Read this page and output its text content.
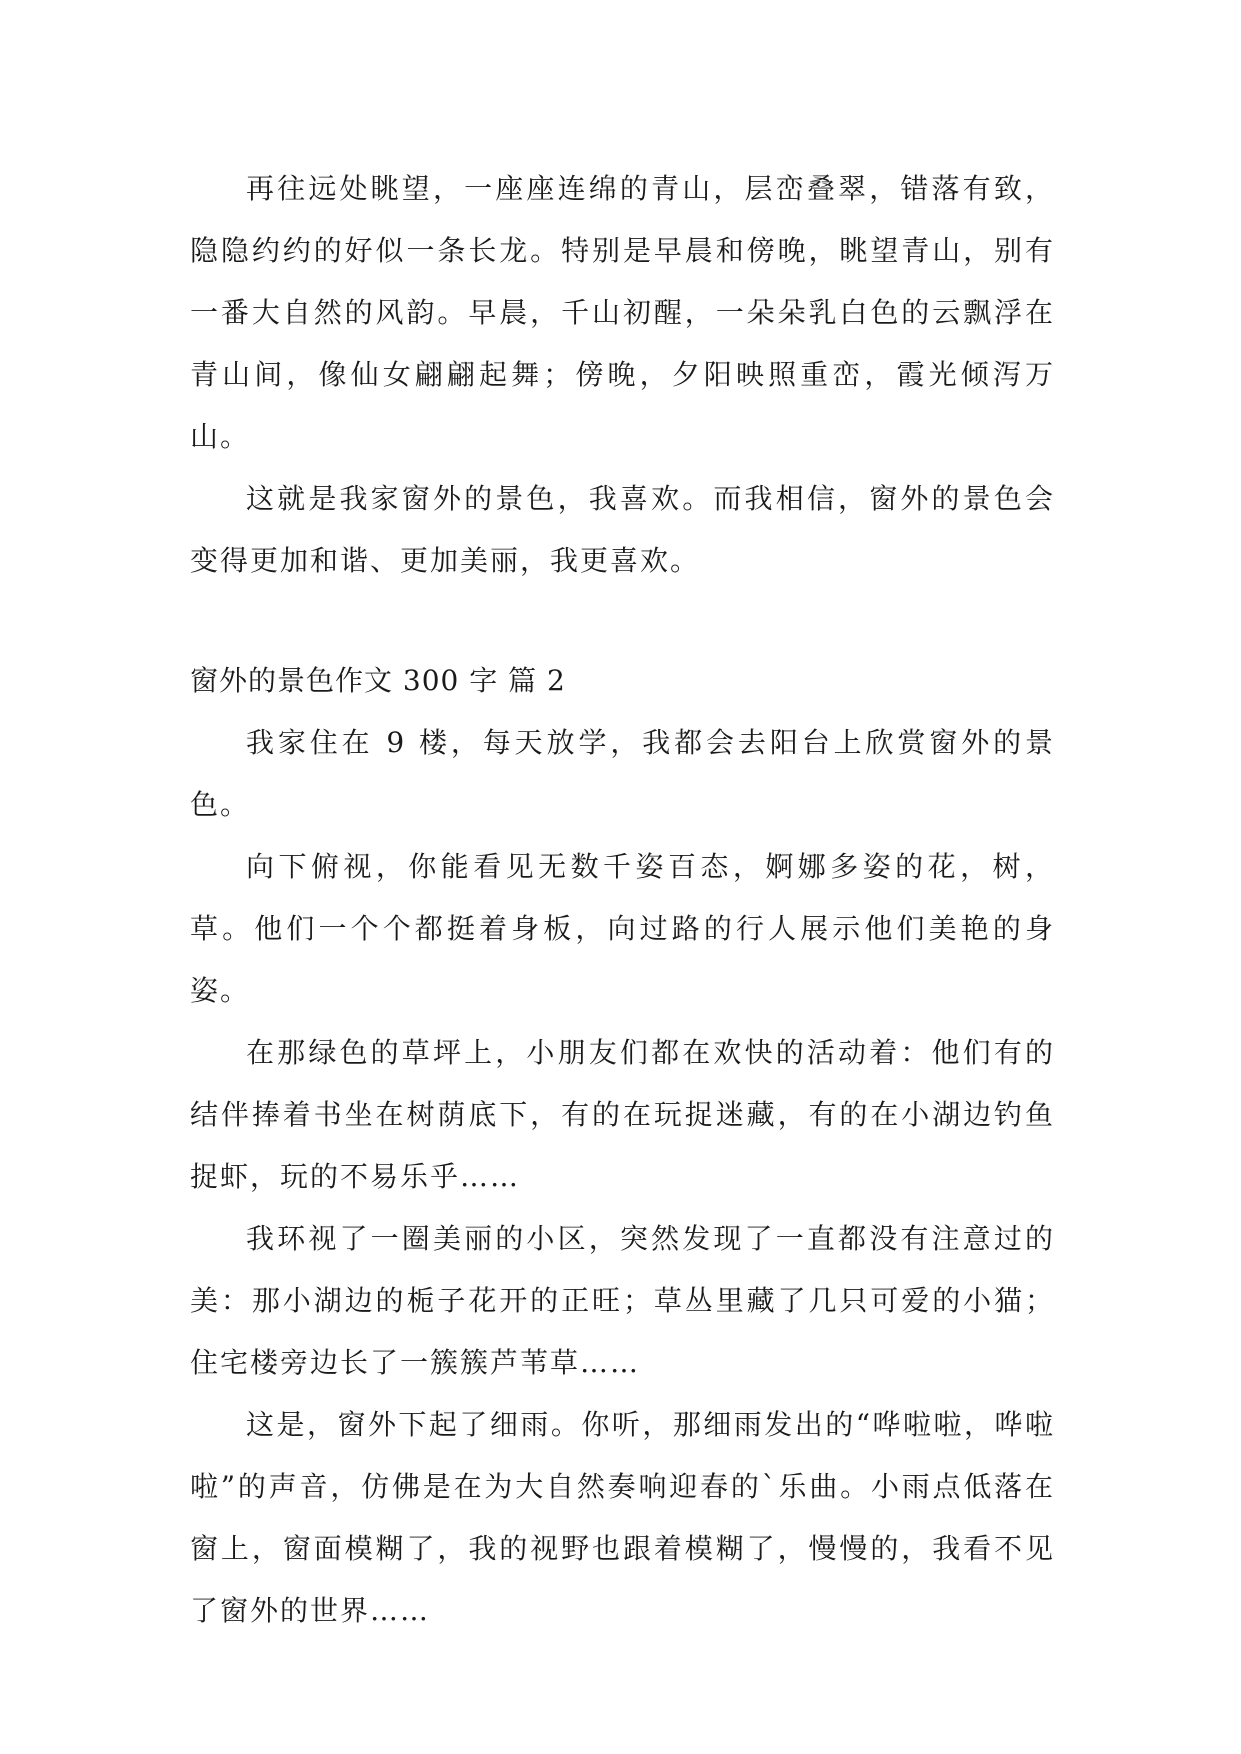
再往远处眺望，一座座连绵的青山，层峦叠翠，错落有致，隐隐约约的好似一条长龙。特别是早晨和傍晚，眺望青山，别有一番大自然的风韵。早晨，千山初醒，一朵朵乳白色的云飘浮在青山间，像仙女翩翩起舞；傍晚，夕阳映照重峦，霞光倾泻万山。

这就是我家窗外的景色，我喜欢。而我相信，窗外的景色会变得更加和谐、更加美丽，我更喜欢。

窗外的景色作文 300 字 篇 2

我家住在 9 楼，每天放学，我都会去阳台上欣赏窗外的景色。

向下俯视，你能看见无数千姿百态，婀娜多姿的花，树，草。他们一个个都挺着身板，向过路的行人展示他们美艳的身姿。

在那绿色的草坪上，小朋友们都在欢快的活动着：他们有的结伴捧着书坐在树荫底下，有的在玩捉迷藏，有的在小湖边钓鱼捉虾，玩的不易乐乎……

我环视了一圈美丽的小区，突然发现了一直都没有注意过的美：那小湖边的栀子花开的正旺；草丛里藏了几只可爱的小猫；住宅楼旁边长了一簇簇芦苇草……

这是，窗外下起了细雨。你听，那细雨发出的“哗啦啦，哗啦啦”的声音，仿佛是在为大自然奏响迎春的`乐曲。小雨点低落在窗上，窗面模糊了，我的视野也跟着模糊了，慢慢的，我看不见了窗外的世界……
